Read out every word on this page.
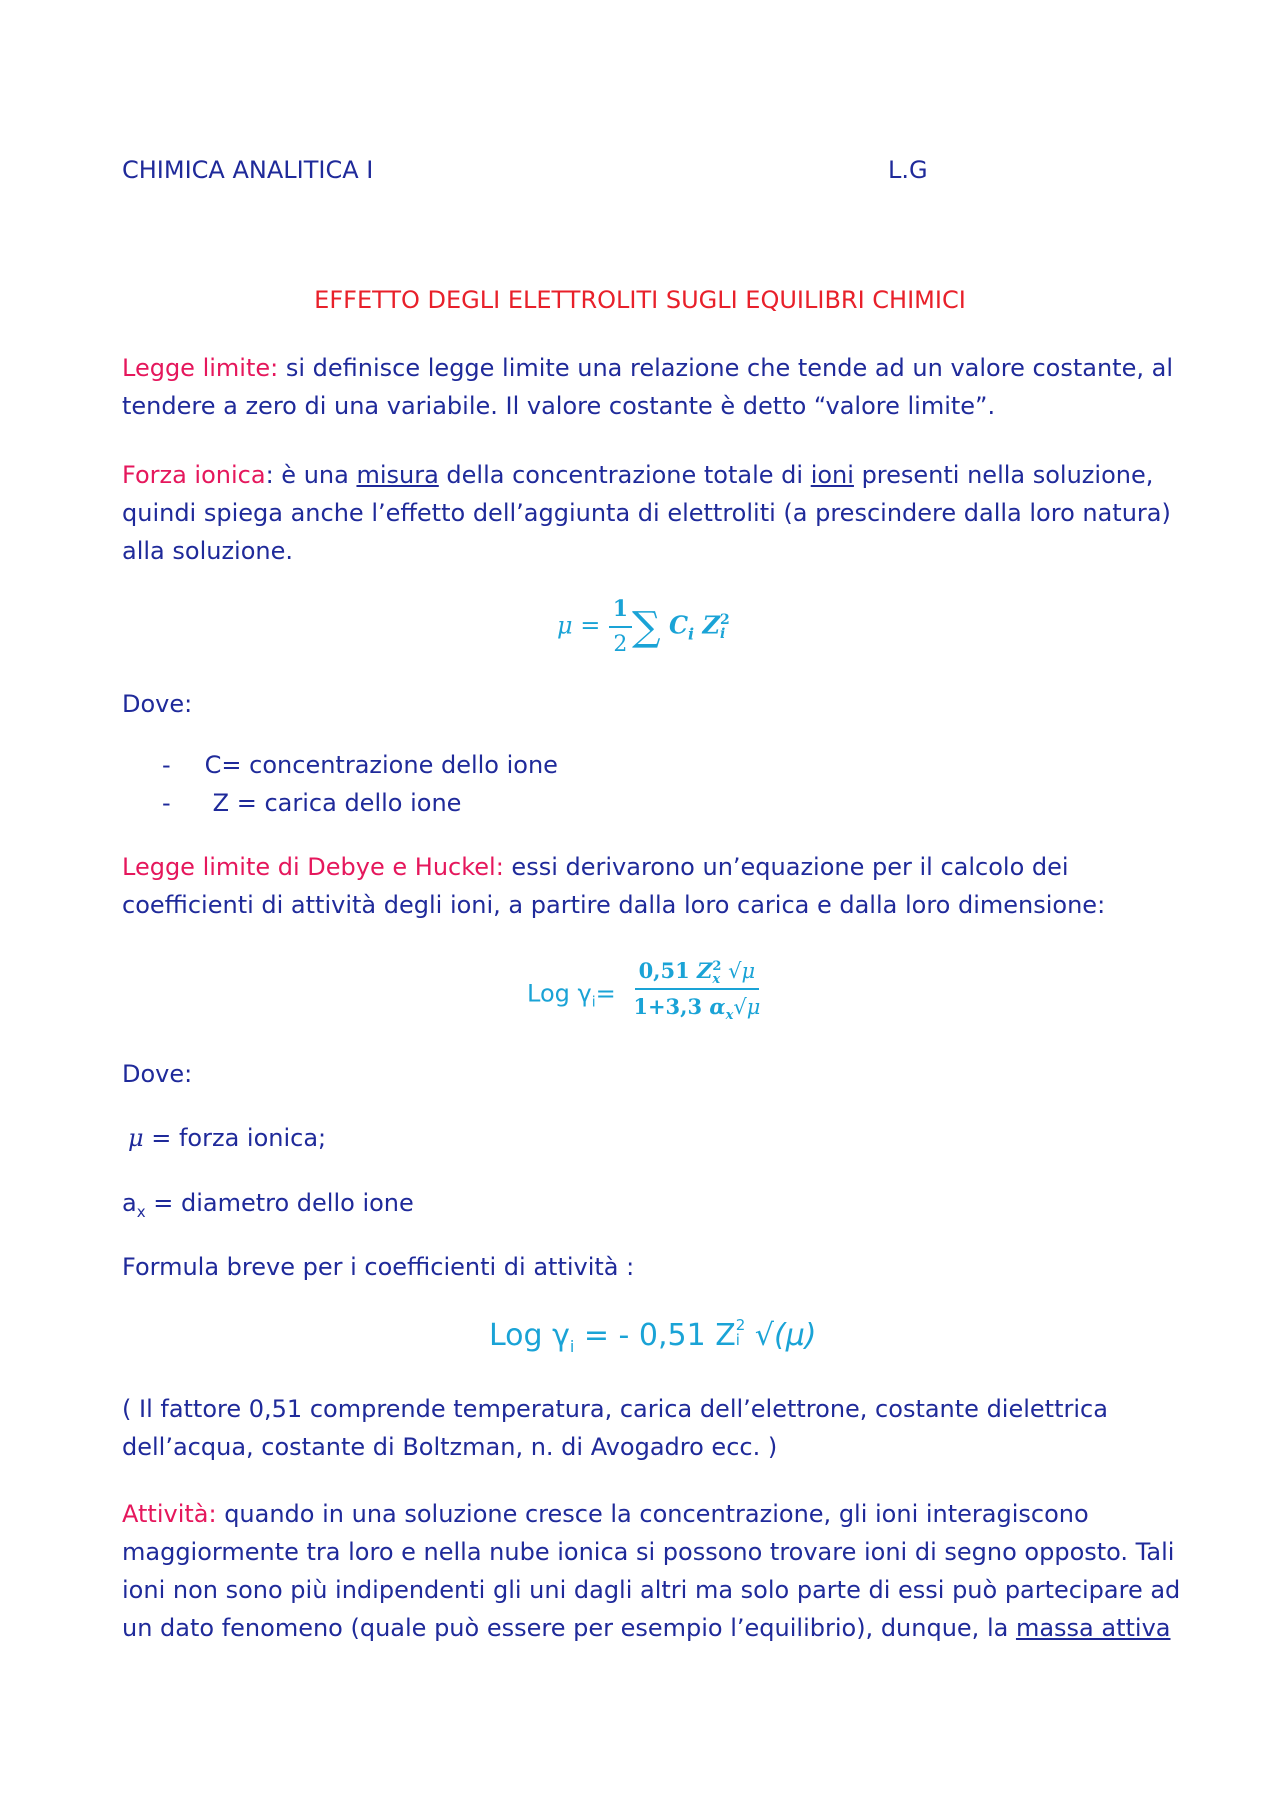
CHIMICA ANALITICA I	L.G
EFFETTO DEGLI ELETTROLITI SUGLI EQUILIBRI CHIMICI
Legge limite: si definisce legge limite una relazione che tende ad un valore costante, al tendere a zero di una variabile. Il valore costante è detto “valore limite”.
Forza ionica: è una misura della concentrazione totale di ioni presenti nella soluzione, quindi spiega anche l’effetto dell’aggiunta di elettroliti (a prescindere dalla loro natura) alla soluzione.
$\mu = \frac{1}{2}$ ∑ $C_i$ Z 2
i
Dove:
- C= concentrazione dello ione
- Z = carica dello ione
Legge limite di Debye e Huckel: essi derivarono un’equazione per il calcolo dei coefficienti di attività degli ioni, a partire dalla loro carica e dalla loro dimensione:
Log $\gamma_i= 0,51$ Z 2
x √μ
1+3,3 $\alpha_x√\mu$
Dove:
μ = forza ionica;
$a_x$ = diametro dello ione
Formula breve per i coefficienti di attività :
Log $\gamma_i$ = - 0,51 Z 2
i √(μ)
( Il fattore 0,51 comprende temperatura, carica dell’elettrone, costante dielettrica dell’acqua, costante di Boltzman, n. di Avogadro ecc. )
Attività: quando in una soluzione cresce la concentrazione, gli ioni interagiscono maggiormente tra loro e nella nube ionica si possono trovare ioni di segno opposto. Tali ioni non sono più indipendenti gli uni dagli altri ma solo parte di essi può partecipare ad un dato fenomeno (quale può essere per esempio l’equilibrio), dunque, la massa attiva
